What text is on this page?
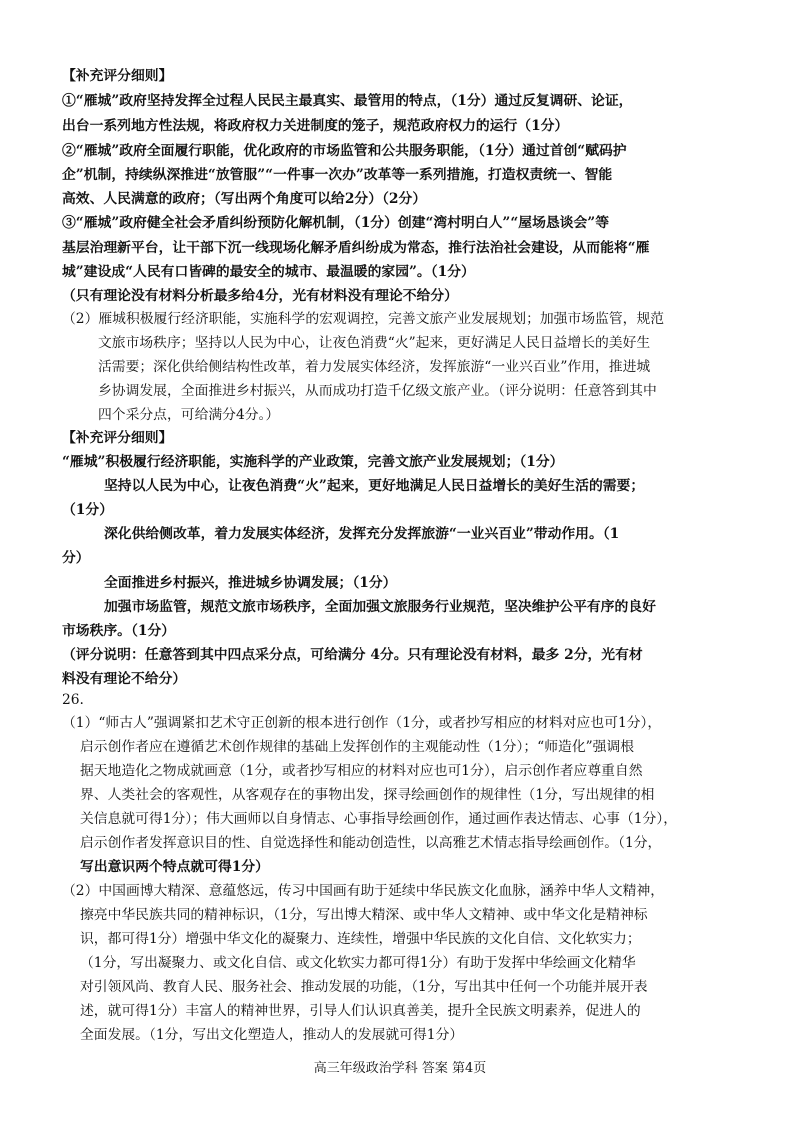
【补充评分细则】
①“雁城”政府坚持发挥全过程人民民主最真实、最管用的特点，（1分）通过反复调研、论证，
出台一系列地方性法规，将政府权力关进制度的笼子，规范政府权力的运行（1分）
②“雁城”政府全面履行职能，优化政府的市场监管和公共服务职能，（1分）通过首创“赋码护
企”机制，持续纵深推进“放管服”“一件事一次办”改革等一系列措施，打造权责统一、智能
高效、人民满意的政府；（写出两个角度可以给2分）（2分）
③“雁城”政府健全社会矛盾纠纷预防化解机制，（1分）创建“湾村明白人”“屋场恳谈会”等
基层治理新平台，让干部下沉一线现场化解矛盾纠纷成为常态，推行法治社会建设，从而能将“雁
城”建设成“人民有口皆碑的最安全的城市、最温暖的家园”。（1分）
（只有理论没有材料分析最多给4分，光有材料没有理论不给分）
（2）雁城积极履行经济职能，实施科学的宏观调控，完善文旅产业发展规划；加强市场监管，规范
文旅市场秩序；坚持以人民为中心，让夜色消费“火”起来，更好满足人民日益增长的美好生
活需要；深化供给侧结构性改革，着力发展实体经济，发挥旅游“一业兴百业”作用，推进城
乡协调发展，全面推进乡村振兴，从而成功打造千亿级文旅产业。（评分说明：任意答到其中
四个采分点，可给满分4分。）
【补充评分细则】
“雁城”积极履行经济职能，实施科学的产业政策，完善文旅产业发展规划；（1分）
坚持以人民为中心，让夜色消费“火”起来，更好地满足人民日益增长的美好生活的需要；
（1分）
深化供给侧改革，着力发展实体经济，发挥充分发挥旅游“一业兴百业”带动作用。（1
分）
全面推进乡村振兴，推进城乡协调发展；（1分）
加强市场监管，规范文旅市场秩序，全面加强文旅服务行业规范，坚决维护公平有序的良好
市场秩序。（1分）
（评分说明：任意答到其中四点采分点，可给满分 4分。只有理论没有材料，最多 2分，光有材
料没有理论不给分）
26.
（1）“师古人”强调紧扣艺术守正创新的根本进行创作（1分，或者抄写相应的材料对应也可1分），
启示创作者应在遵循艺术创作规律的基础上发挥创作的主观能动性（1分）；“师造化”强调根
据天地造化之物成就画意（1分，或者抄写相应的材料对应也可1分），启示创作者应尊重自然
界、人类社会的客观性，从客观存在的事物出发，探寻绘画创作的规律性（1分，写出规律的相
关信息就可得1分）；伟大画师以自身情志、心事指导绘画创作，通过画作表达情志、心事（1分），
启示创作者发挥意识目的性、自觉选择性和能动创造性，以高雅艺术情志指导绘画创作。（1分，
写出意识两个特点就可得1分）
（2）中国画博大精深、意蕴悠远，传习中国画有助于延续中华民族文化血脉，涵养中华人文精神，
擦亮中华民族共同的精神标识，（1分，写出博大精深、或中华人文精神、或中华文化是精神标
识，都可得1分）增强中华文化的凝聚力、连续性，增强中华民族的文化自信、文化软实力；
（1分，写出凝聚力、或文化自信、或文化软实力都可得1分）有助于发挥中华绘画文化精华
对引领风尚、教育人民、服务社会、推动发展的功能，（1分，写出其中任何一个功能并展开表
述，就可得1分）丰富人的精神世界，引导人们认识真善美，提升全民族文明素养，促进人的
全面发展。（1分，写出文化塑造人，推动人的发展就可得1分）
高三年级政治学科 答案 第4页
